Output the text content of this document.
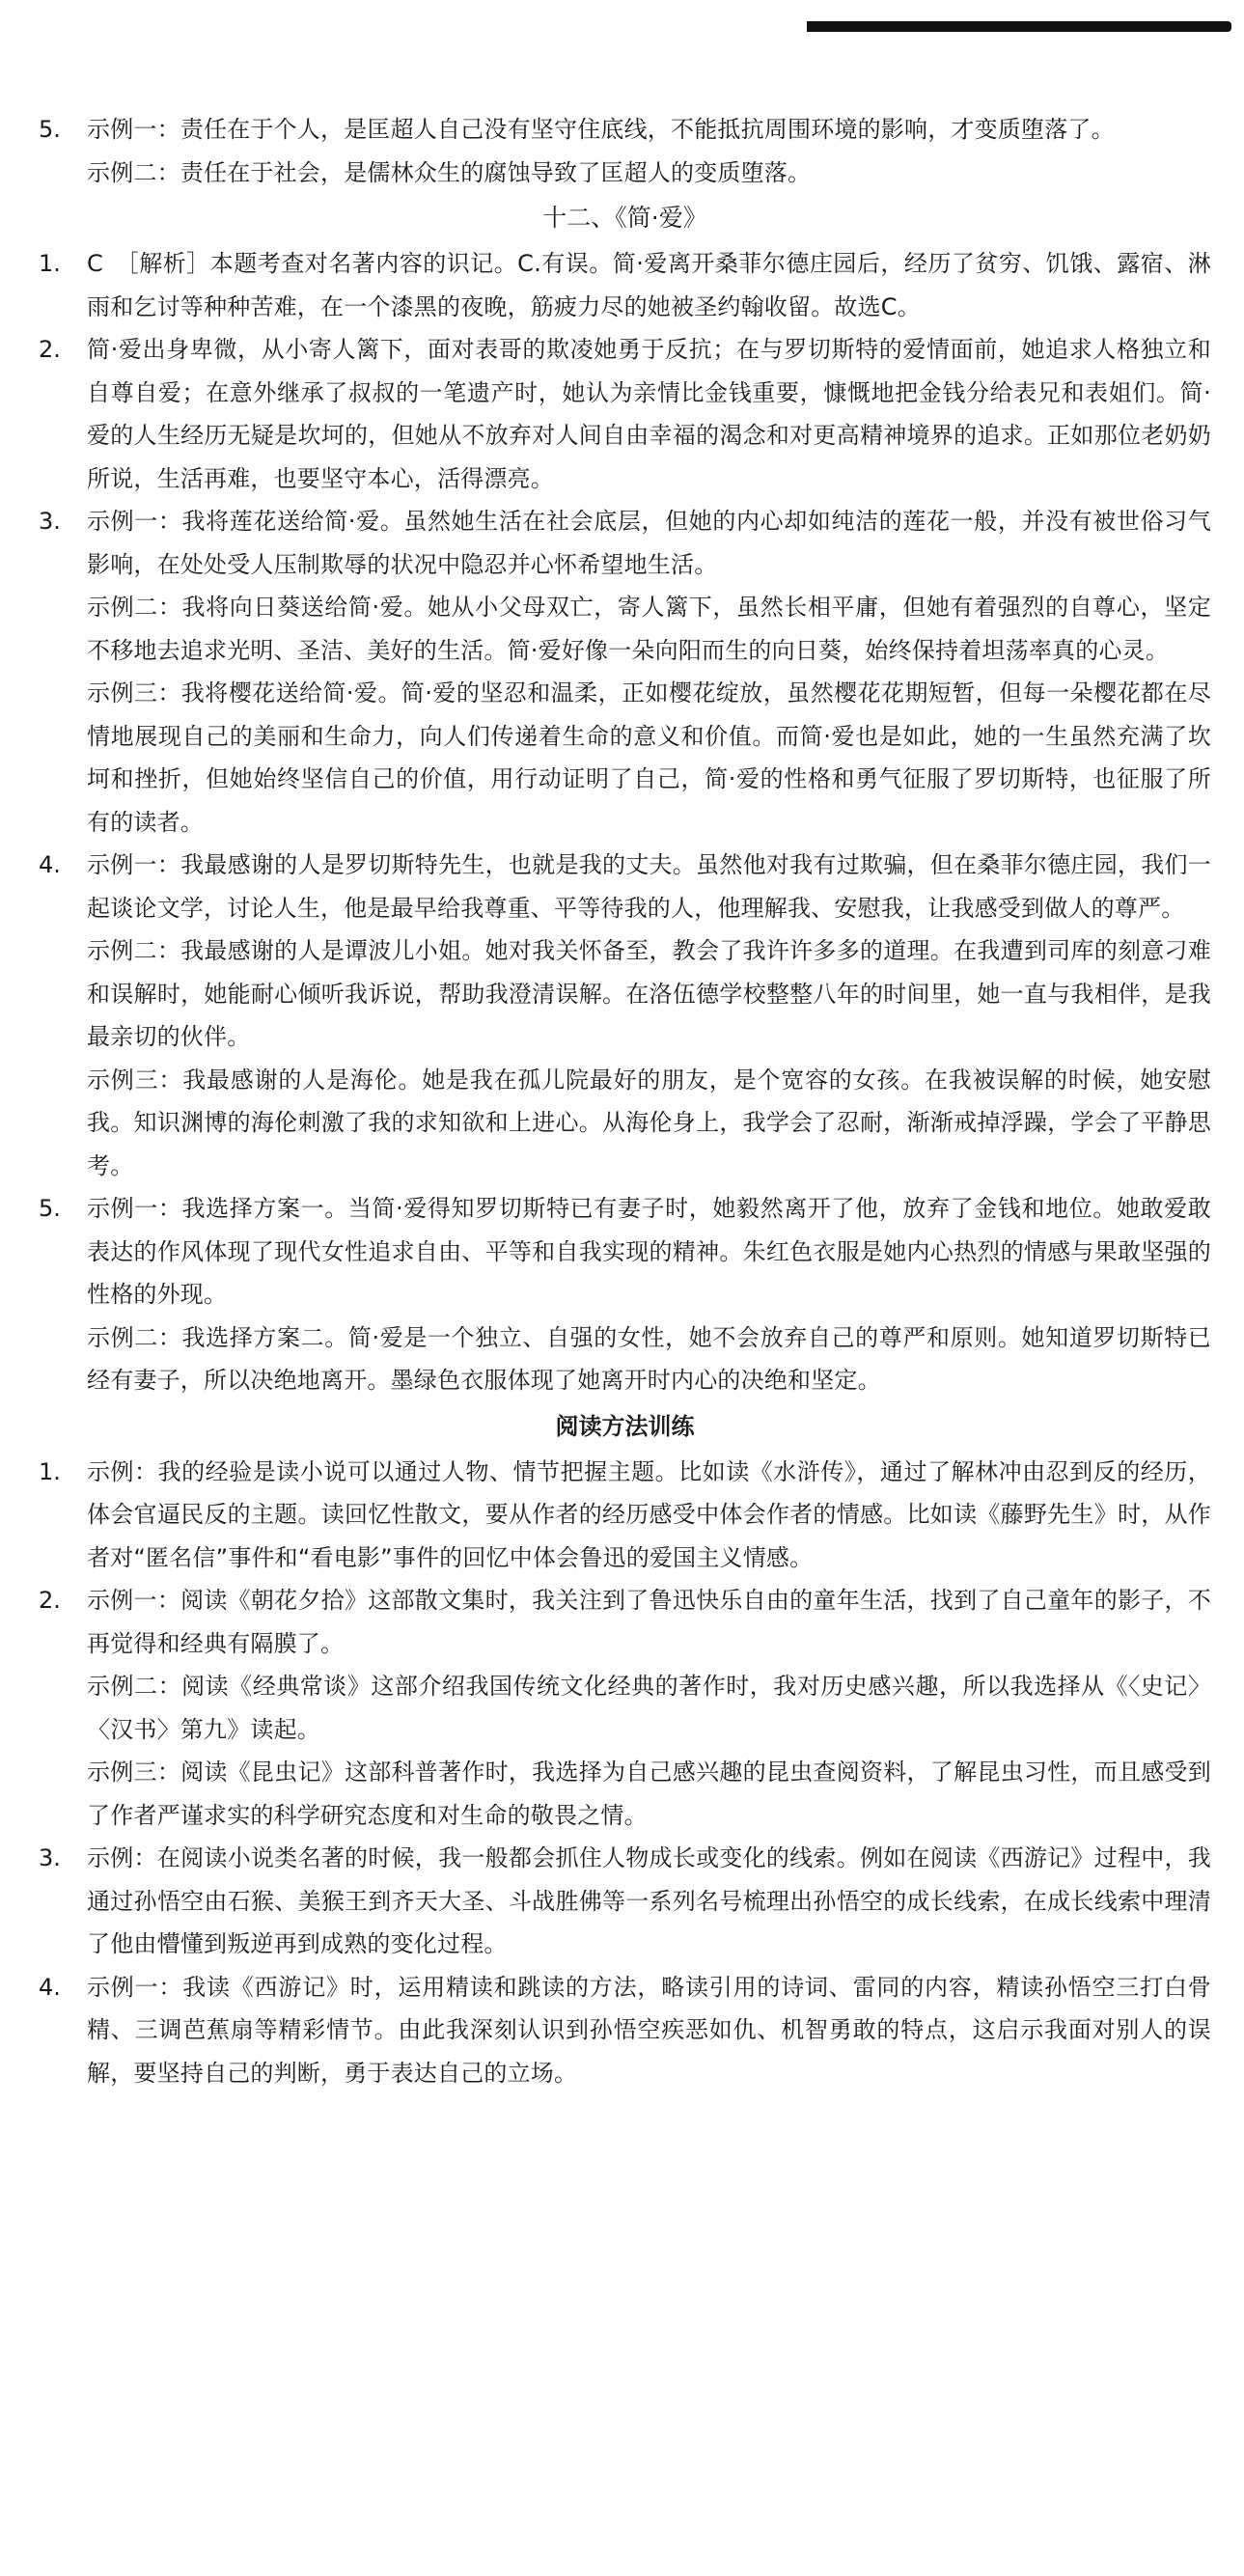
5. 示例一：责任在于个人，是匡超人自己没有坚守住底线，不能抵抗周围环境的影响，才变质堕落了。

示例二：责任在于社会，是儒林众生的腐蚀导致了匡超人的变质堕落。

十二、《简·爱》
1. C　［解析］本题考查对名著内容的识记。C.有误。简·爱离开桑菲尔德庄园后，经历了贫穷、饥饿、露宿、淋雨和乞讨等种种苦难，在一个漆黑的夜晚，筋疲力尽的她被圣约翰收留。故选C。

2. 简·爱出身卑微，从小寄人篱下，面对表哥的欺凌她勇于反抗；在与罗切斯特的爱情面前，她追求人格独立和自尊自爱；在意外继承了叔叔的一笔遗产时，她认为亲情比金钱重要，慷慨地把金钱分给表兄和表姐们。简·爱的人生经历无疑是坎坷的，但她从不放弃对人间自由幸福的渴念和对更高精神境界的追求。正如那位老奶奶所说，生活再难，也要坚守本心，活得漂亮。

3. 示例一：我将莲花送给简·爱。虽然她生活在社会底层，但她的内心却如纯洁的莲花一般，并没有被世俗习气影响，在处处受人压制欺辱的状况中隐忍并心怀希望地生活。

示例二：我将向日葵送给简·爱。她从小父母双亡，寄人篱下，虽然长相平庸，但她有着强烈的自尊心，坚定不移地去追求光明、圣洁、美好的生活。简·爱好像一朵向阳而生的向日葵，始终保持着坦荡率真的心灵。

示例三：我将樱花送给简·爱。简·爱的坚忍和温柔，正如樱花绽放，虽然樱花花期短暂，但每一朵樱花都在尽情地展现自己的美丽和生命力，向人们传递着生命的意义和价值。而简·爱也是如此，她的一生虽然充满了坎坷和挫折，但她始终坚信自己的价值，用行动证明了自己，简·爱的性格和勇气征服了罗切斯特，也征服了所有的读者。

4. 示例一：我最感谢的人是罗切斯特先生，也就是我的丈夫。虽然他对我有过欺骗，但在桑菲尔德庄园，我们一起谈论文学，讨论人生，他是最早给我尊重、平等待我的人，他理解我、安慰我，让我感受到做人的尊严。

示例二：我最感谢的人是谭波儿小姐。她对我关怀备至，教会了我许许多多的道理。在我遭到司库的刻意刁难和误解时，她能耐心倾听我诉说，帮助我澄清误解。在洛伍德学校整整八年的时间里，她一直与我相伴，是我最亲切的伙伴。

示例三：我最感谢的人是海伦。她是我在孤儿院最好的朋友，是个宽容的女孩。在我被误解的时候，她安慰我。知识渊博的海伦刺激了我的求知欲和上进心。从海伦身上，我学会了忍耐，渐渐戒掉浮躁，学会了平静思考。

5. 示例一：我选择方案一。当简·爱得知罗切斯特已有妻子时，她毅然离开了他，放弃了金钱和地位。她敢爱敢表达的作风体现了现代女性追求自由、平等和自我实现的精神。朱红色衣服是她内心热烈的情感与果敢坚强的性格的外现。

示例二：我选择方案二。简·爱是一个独立、自强的女性，她不会放弃自己的尊严和原则。她知道罗切斯特已经有妻子，所以决绝地离开。墨绿色衣服体现了她离开时内心的决绝和坚定。

阅读方法训练
1. 示例：我的经验是读小说可以通过人物、情节把握主题。比如读《水浒传》，通过了解林冲由忍到反的经历，体会官逼民反的主题。读回忆性散文，要从作者的经历感受中体会作者的情感。比如读《藤野先生》时，从作者对“匿名信”事件和“看电影”事件的回忆中体会鲁迅的爱国主义情感。

2. 示例一：阅读《朝花夕拾》这部散文集时，我关注到了鲁迅快乐自由的童年生活，找到了自己童年的影子，不再觉得和经典有隔膜了。

示例二：阅读《经典常谈》这部介绍我国传统文化经典的著作时，我对历史感兴趣，所以我选择从《〈史记〉〈汉书〉第九》读起。

示例三：阅读《昆虫记》这部科普著作时，我选择为自己感兴趣的昆虫查阅资料，了解昆虫习性，而且感受到了作者严谨求实的科学研究态度和对生命的敬畏之情。

3. 示例：在阅读小说类名著的时候，我一般都会抓住人物成长或变化的线索。例如在阅读《西游记》过程中，我通过孙悟空由石猴、美猴王到齐天大圣、斗战胜佛等一系列名号梳理出孙悟空的成长线索，在成长线索中理清了他由懵懂到叛逆再到成熟的变化过程。

4. 示例一：我读《西游记》时，运用精读和跳读的方法，略读引用的诗词、雷同的内容，精读孙悟空三打白骨精、三调芭蕉扇等精彩情节。由此我深刻认识到孙悟空疾恶如仇、机智勇敢的特点，这启示我面对别人的误解，要坚持自己的判断，勇于表达自己的立场。
